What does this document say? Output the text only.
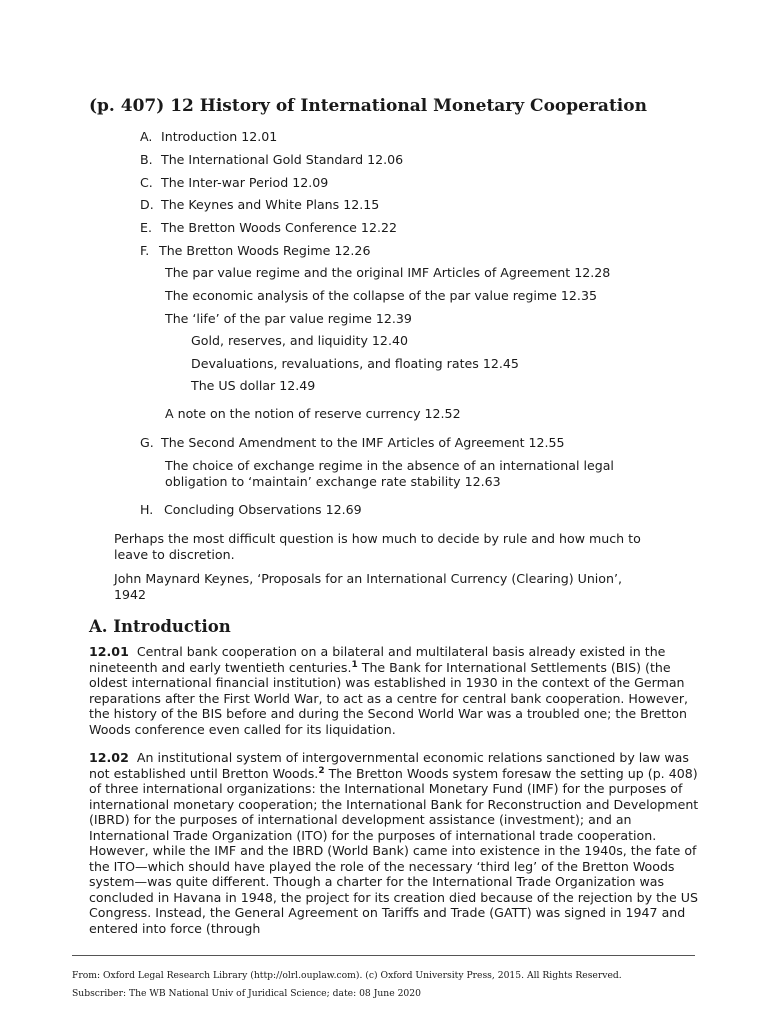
(p. 407) 12 History of International Monetary Cooperation
A. Introduction 12.01
B. The International Gold Standard 12.06
C. The Inter-war Period 12.09
D. The Keynes and White Plans 12.15
E. The Bretton Woods Conference 12.22
F. The Bretton Woods Regime 12.26
The par value regime and the original IMF Articles of Agreement 12.28
The economic analysis of the collapse of the par value regime 12.35
The ‘life’ of the par value regime 12.39
Gold, reserves, and liquidity 12.40
Devaluations, revaluations, and floating rates 12.45
The US dollar 12.49
A note on the notion of reserve currency 12.52
G. The Second Amendment to the IMF Articles of Agreement 12.55
The choice of exchange regime in the absence of an international legal obligation to ‘maintain’ exchange rate stability 12.63
H. Concluding Observations 12.69
Perhaps the most difficult question is how much to decide by rule and how much to leave to discretion.
John Maynard Keynes, ‘Proposals for an International Currency (Clearing) Union’, 1942
A. Introduction

12.01 Central bank cooperation on a bilateral and multilateral basis already existed in the nineteenth and early twentieth centuries.$^1$ The Bank for International Settlements (BIS) (the oldest international financial institution) was established in 1930 in the context of the German reparations after the First World War, to act as a centre for central bank cooperation. However, the history of the BIS before and during the Second World War was a troubled one; the Bretton Woods conference even called for its liquidation.

12.02 An institutional system of intergovernmental economic relations sanctioned by law was not established until Bretton Woods.$^2$ The Bretton Woods system foresaw the setting up (p. 408) of three international organizations: the International Monetary Fund (IMF) for the purposes of international monetary cooperation; the International Bank for Reconstruction and Development (IBRD) for the purposes of international development assistance (investment); and an International Trade Organization (ITO) for the purposes of international trade cooperation. However, while the IMF and the IBRD (World Bank) came into existence in the 1940s, the fate of the ITO—which should have played the role of the necessary ‘third leg’ of the Bretton Woods system—was quite different. Though a charter for the International Trade Organization was concluded in Havana in 1948, the project for its creation died because of the rejection by the US Congress. Instead, the General Agreement on Tariffs and Trade (GATT) was signed in 1947 and entered into force (through

From: Oxford Legal Research Library (http://olrl.ouplaw.com). (c) Oxford University Press, 2015. All Rights Reserved.
Subscriber: The WB National Univ of Juridical Science; date: 08 June 2020
